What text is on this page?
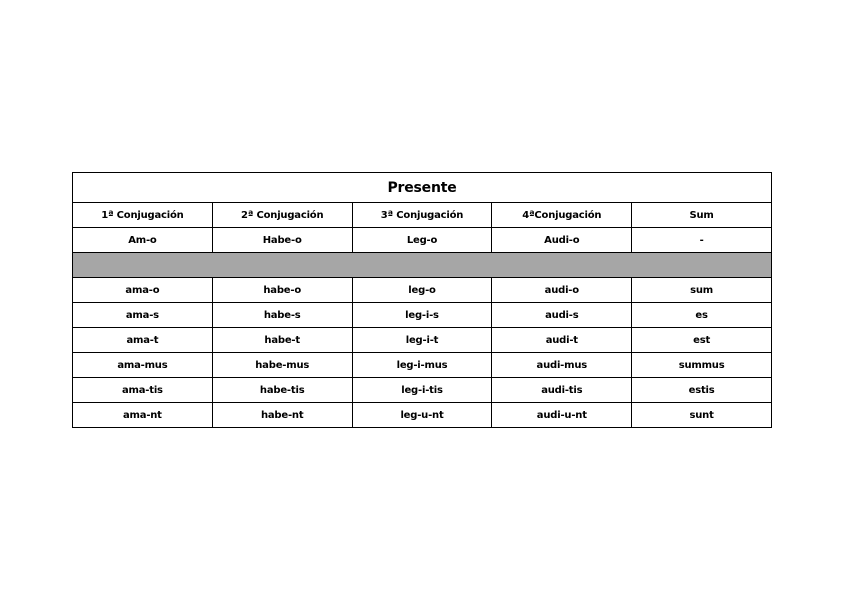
Presente				
1ª Conjugación	2ª Conjugación	3ª Conjugación	4ªConjugación	Sum
Am-o	Habe-o	Leg-o	Audi-o	-

ama-o	habe-o	leg-o	audi-o	sum
ama-s	habe-s	leg-i-s	audi-s	es
ama-t	habe-t	leg-i-t	audi-t	est
ama-mus	habe-mus	leg-i-mus	audi-mus	summus
ama-tis	habe-tis	leg-i-tis	audi-tis	estis
ama-nt	habe-nt	leg-u-nt	audi-u-nt	sunt
